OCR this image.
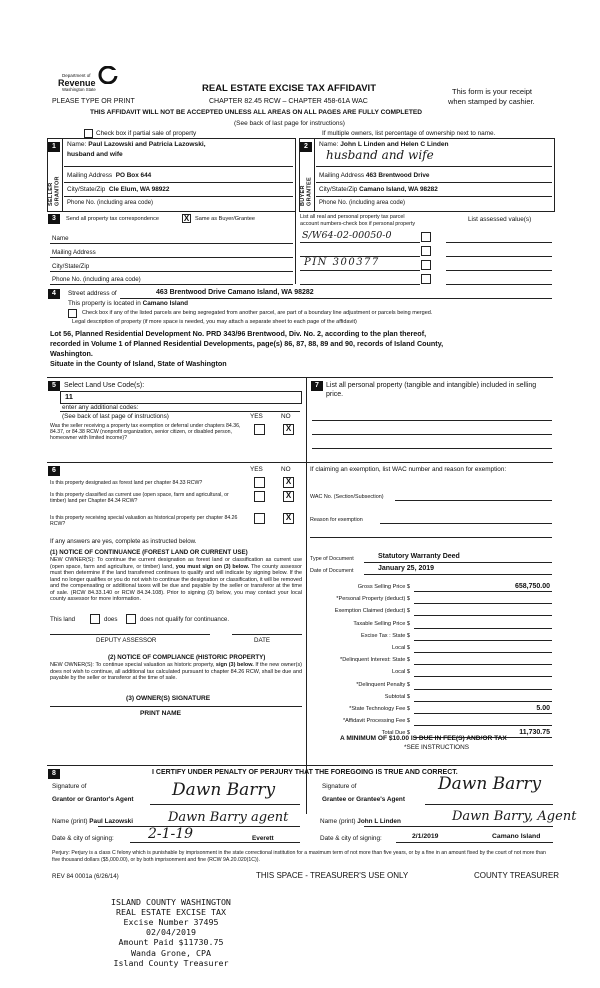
Department of
Revenue
Washington State
PLEASE TYPE OR PRINT
REAL ESTATE EXCISE TAX AFFIDAVIT
CHAPTER 82.45 RCW – CHAPTER 458-61A WAC
This form is your receipt
when stamped by cashier.
THIS AFFIDAVIT WILL NOT BE ACCEPTED UNLESS ALL AREAS ON ALL PAGES ARE FULLY COMPLETED
(See back of last page for instructions)
Check box if partial sale of property	If multiple owners, list percentage of ownership next to name.
1
SELLER GRANTOR
Name: Paul Lazowski and Patricia Lazowski,
husband and wife
Mailing Address PO Box 644
City/State/Zip Cle Elum, WA 98922
Phone No. (including area code)
2
BUYER GRANTEE
Name: John L Linden and Helen C Linden
husband and wife
Mailing Address 463 Brentwood Drive
City/State/Zip Camano Island, WA 98282
Phone No. (including area code)
3	Send all property tax correspondence	X	Same as Buyer/Grantee
Name
Mailing Address
City/State/Zip
Phone No. (including area code)
List all real and personal property tax parcel
account numbers-check box if personal property
List assessed value(s)
S/W64-02-00050-0
PIN 300377
4	Street address of	463 Brentwood Drive Camano Island, WA 98282
This property is located in Camano Island
Check box if any of the listed parcels are being segregated from another parcel, are part of a boundary line adjustment or parcels being merged.
Legal description of property (if more space is needed, you may attach a separate sheet to each page of the affidavit)
Lot 56, Planned Residential Development No. PRD 343/96 Brentwood, Div. No. 2, according to the plan thereof,
recorded in Volume 1 of Planned Residential Developments, page(s) 86, 87, 88, 89 and 90, records of Island County,
Washington.
Situate in the County of Island, State of Washington
5	Select Land Use Code(s):
11
enter any additional codes:
(See back of last page of instructions)	YES	NO
Was the seller receiving a property tax exemption or deferral under chapters 84.36, 84.37, or 84.38 RCW (nonprofit organization, senior citizen, or disabled person, homeowner with limited income)?
X
7	List all personal property (tangible and intangible) included in selling price.
6	YES	NO
Is this property designated as forest land per chapter 84.33 RCW?	X
Is this property classified as current use (open space, farm and agricultural, or timber) land per Chapter 84.34 RCW?
X
Is this property receiving special valuation as historical property per chapter 84.26 RCW?
X
If any answers are yes, complete as instructed below.
(1) NOTICE OF CONTINUANCE (FOREST LAND OR CURRENT USE)
NEW OWNER(S): To continue the current designation as forest land or classification as current use (open space, farm and agriculture, or timber) land, you must sign on (3) below. The county assessor must then determine if the land transferred continues to qualify and will indicate by signing below. If the land no longer qualifies or you do not wish to continue the designation or classification, it will be removed and the compensating or additional taxes will be due and payable by the seller or transferor at the time of sale. (RCW 84.33.140 or RCW 84.34.108). Prior to signing (3) below, you may contact your local county assessor for more information.
This land	does	does not qualify for continuance.
DEPUTY ASSESSOR	DATE
(2) NOTICE OF COMPLIANCE (HISTORIC PROPERTY)
NEW OWNER(S): To continue special valuation as historic property, sign (3) below. If the new owner(s) does not wish to continue, all additional tax calculated pursuant to chapter 84.26 RCW, shall be due and payable by the seller or transferor at the time of sale.
(3) OWNER(S) SIGNATURE
PRINT NAME
If claiming an exemption, list WAC number and reason for exemption:
WAC No. (Section/Subsection)
Reason for exemption
Type of Document	Statutory Warranty Deed
Date of Document	January 25, 2019
Gross Selling Price $	658,750.00
*Personal Property (deduct) $
Exemption Claimed (deduct) $
Taxable Selling Price $
Excise Tax : State $
Local $
*Delinquent Interest: State $
Local $
*Delinquent Penalty $
Subtotal $
*State Technology Fee $	5.00
*Affidavit Processing Fee $
Total Due $	11,730.75
A MINIMUM OF $10.00 IS DUE IN FEE(S) AND/OR TAX
*SEE INSTRUCTIONS
8	I CERTIFY UNDER PENALTY OF PERJURY THAT THE FOREGOING IS TRUE AND CORRECT.
Signature of
Grantor or Grantor's Agent Dawn Barry	Signature of
Grantee or Grantee's Agent
Dawn Barry
Name (print) Paul Lazowski	Dawn Barry agent	Name (print) John L Linden	Dawn Barry, Agent
Date & city of signing: 2-1-19	Everett	Date & city of signing:	2/1/2019	Camano Island
Perjury: Perjury is a class C felony which is punishable by imprisonment in the state correctional institution for a maximum term of not more than five years, or by a fine in an amount fixed by the court of not more than five thousand dollars ($5,000.00), or by both imprisonment and fine (RCW 9A.20.020(1C)).
REV 84 0001a (6/26/14)	THIS SPACE - TREASURER'S USE ONLY	COUNTY TREASURER
ISLAND COUNTY WASHINGTON
REAL ESTATE EXCISE TAX
Excise Number 37495
02/04/2019
Amount Paid $11730.75
Wanda Grone, CPA
Island County Treasurer
